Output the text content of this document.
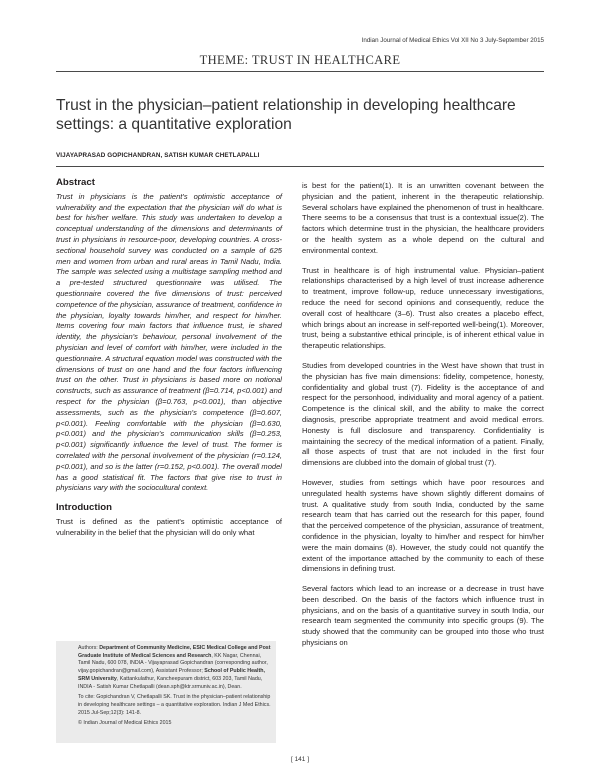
Indian Journal of Medical Ethics Vol XII No 3 July-September 2015
THEME: TRUST IN HEALTHCARE
Trust in the physician–patient relationship in developing healthcare settings: a quantitative exploration
VIJAYAPRASAD GOPICHANDRAN, SATISH KUMAR CHETLAPALLI

Abstract

Trust in physicians is the patient's optimistic acceptance of vulnerability and the expectation that the physician will do what is best for his/her welfare. This study was undertaken to develop a conceptual understanding of the dimensions and determinants of trust in physicians in resource-poor, developing countries. A cross-sectional household survey was conducted on a sample of 625 men and women from urban and rural areas in Tamil Nadu, India. The sample was selected using a multistage sampling method and a pre-tested structured questionnaire was utilised. The questionnaire covered the five dimensions of trust: perceived competence of the physician, assurance of treatment, confidence in the physician, loyalty towards him/her, and respect for him/her. Items covering four main factors that influence trust, ie shared identity, the physician's behaviour, personal involvement of the physician and level of comfort with him/her, were included in the questionnaire. A structural equation model was constructed with the dimensions of trust on one hand and the four factors influencing trust on the other. Trust in physicians is based more on notional constructs, such as assurance of treatment (β=0.714, p<0.001) and respect for the physician (β=0.763, p<0.001), than objective assessments, such as the physician's competence (β=0.607, p<0.001). Feeling comfortable with the physician (β=0.630, p<0.001) and the physician's communication skills (β=0.253, p<0.001) significantly influence the level of trust. The former is correlated with the personal involvement of the physician (r=0.124, p<0.001), and so is the latter (r=0.152, p<0.001). The overall model has a good statistical fit. The factors that give rise to trust in physicians vary with the sociocultural context.

Introduction

Trust is defined as the patient's optimistic acceptance of vulnerability in the belief that the physician will do only what

Authors: Department of Community Medicine, ESIC Medical College and Post Graduate Institute of Medical Sciences and Research, KK Nagar, Chennai, Tamil Nadu, 600 078, INDIA - Vijayaprasad Gopichandran (corresponding author, vijay.gopichandran@gmail.com), Assistant Professor; School of Public Health, SRM University, Kattankulathur, Kancheepuram district, 603 203, Tamil Nadu, INDIA - Satish Kumar Chetlapalli (dean.sph@ktr.srmuniv.ac.in), Dean.

To cite: Gopichandran V, Chetlapalli SK. Trust in the physician–patient relationship in developing healthcare settings – a quantitative exploration. Indian J Med Ethics. 2015 Jul-Sep;12(3): 141-8.

© Indian Journal of Medical Ethics 2015

is best for the patient(1). It is an unwritten covenant between the physician and the patient, inherent in the therapeutic relationship. Several scholars have explained the phenomenon of trust in healthcare. There seems to be a consensus that trust is a contextual issue(2). The factors which determine trust in the physician, the healthcare providers or the health system as a whole depend on the cultural and environmental context.

Trust in healthcare is of high instrumental value. Physician–patient relationships characterised by a high level of trust increase adherence to treatment, improve follow-up, reduce unnecessary investigations, reduce the need for second opinions and consequently, reduce the overall cost of healthcare (3–6). Trust also creates a placebo effect, which brings about an increase in self-reported well-being(1). Moreover, trust, being a substantive ethical principle, is of inherent ethical value in therapeutic relationships.

Studies from developed countries in the West have shown that trust in the physician has five main dimensions: fidelity, competence, honesty, confidentiality and global trust (7). Fidelity is the acceptance of and respect for the personhood, individuality and moral agency of a patient. Competence is the clinical skill, and the ability to make the correct diagnosis, prescribe appropriate treatment and avoid medical errors. Honesty is full disclosure and transparency. Confidentiality is maintaining the secrecy of the medical information of a patient. Finally, all those aspects of trust that are not included in the first four dimensions are clubbed into the domain of global trust (7).

However, studies from settings which have poor resources and unregulated health systems have shown slightly different domains of trust. A qualitative study from south India, conducted by the same research team that has carried out the research for this paper, found that the perceived competence of the physician, assurance of treatment, confidence in the physician, loyalty to him/her and respect for him/her were the main domains (8). However, the study could not quantify the extent of the importance attached by the community to each of these dimensions in defining trust.

Several factors which lead to an increase or a decrease in trust have been described. On the basis of the factors which influence trust in physicians, and on the basis of a quantitative survey in south India, our research team segmented the community into specific groups (9). The study showed that the community can be grouped into those who trust physicians on

[ 141 ]
